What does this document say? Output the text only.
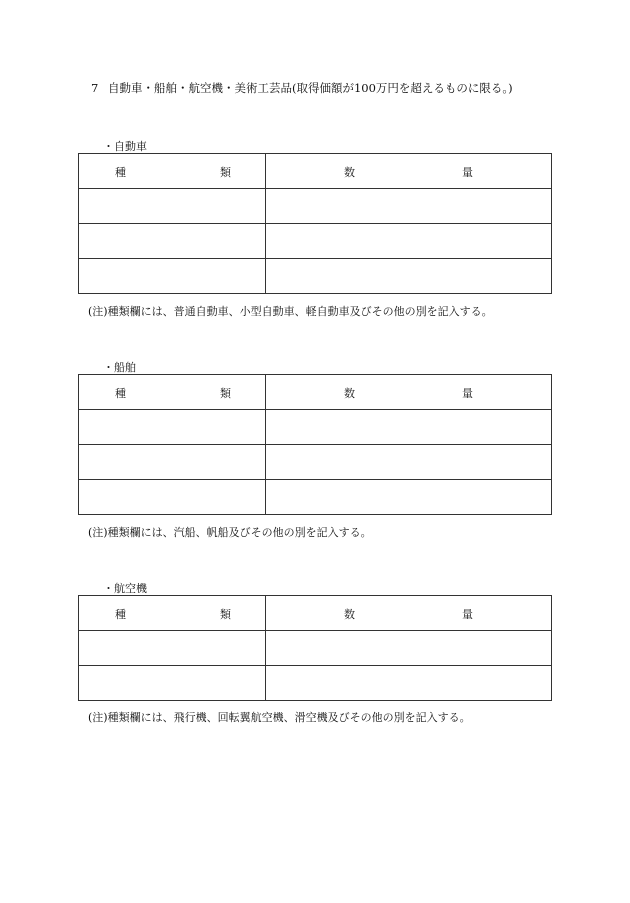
7 自動車・船舶・航空機・美術工芸品(取得価額が100万円を超えるものに限る。)
・自動車
種 類	数 量

(注)種類欄には、普通自動車、小型自動車、軽自動車及びその他の別を記入する。
・船舶
種 類	数 量

(注)種類欄には、汽船、帆船及びその他の別を記入する。
・航空機
種 類	数 量

(注)種類欄には、飛行機、回転翼航空機、滑空機及びその他の別を記入する。
